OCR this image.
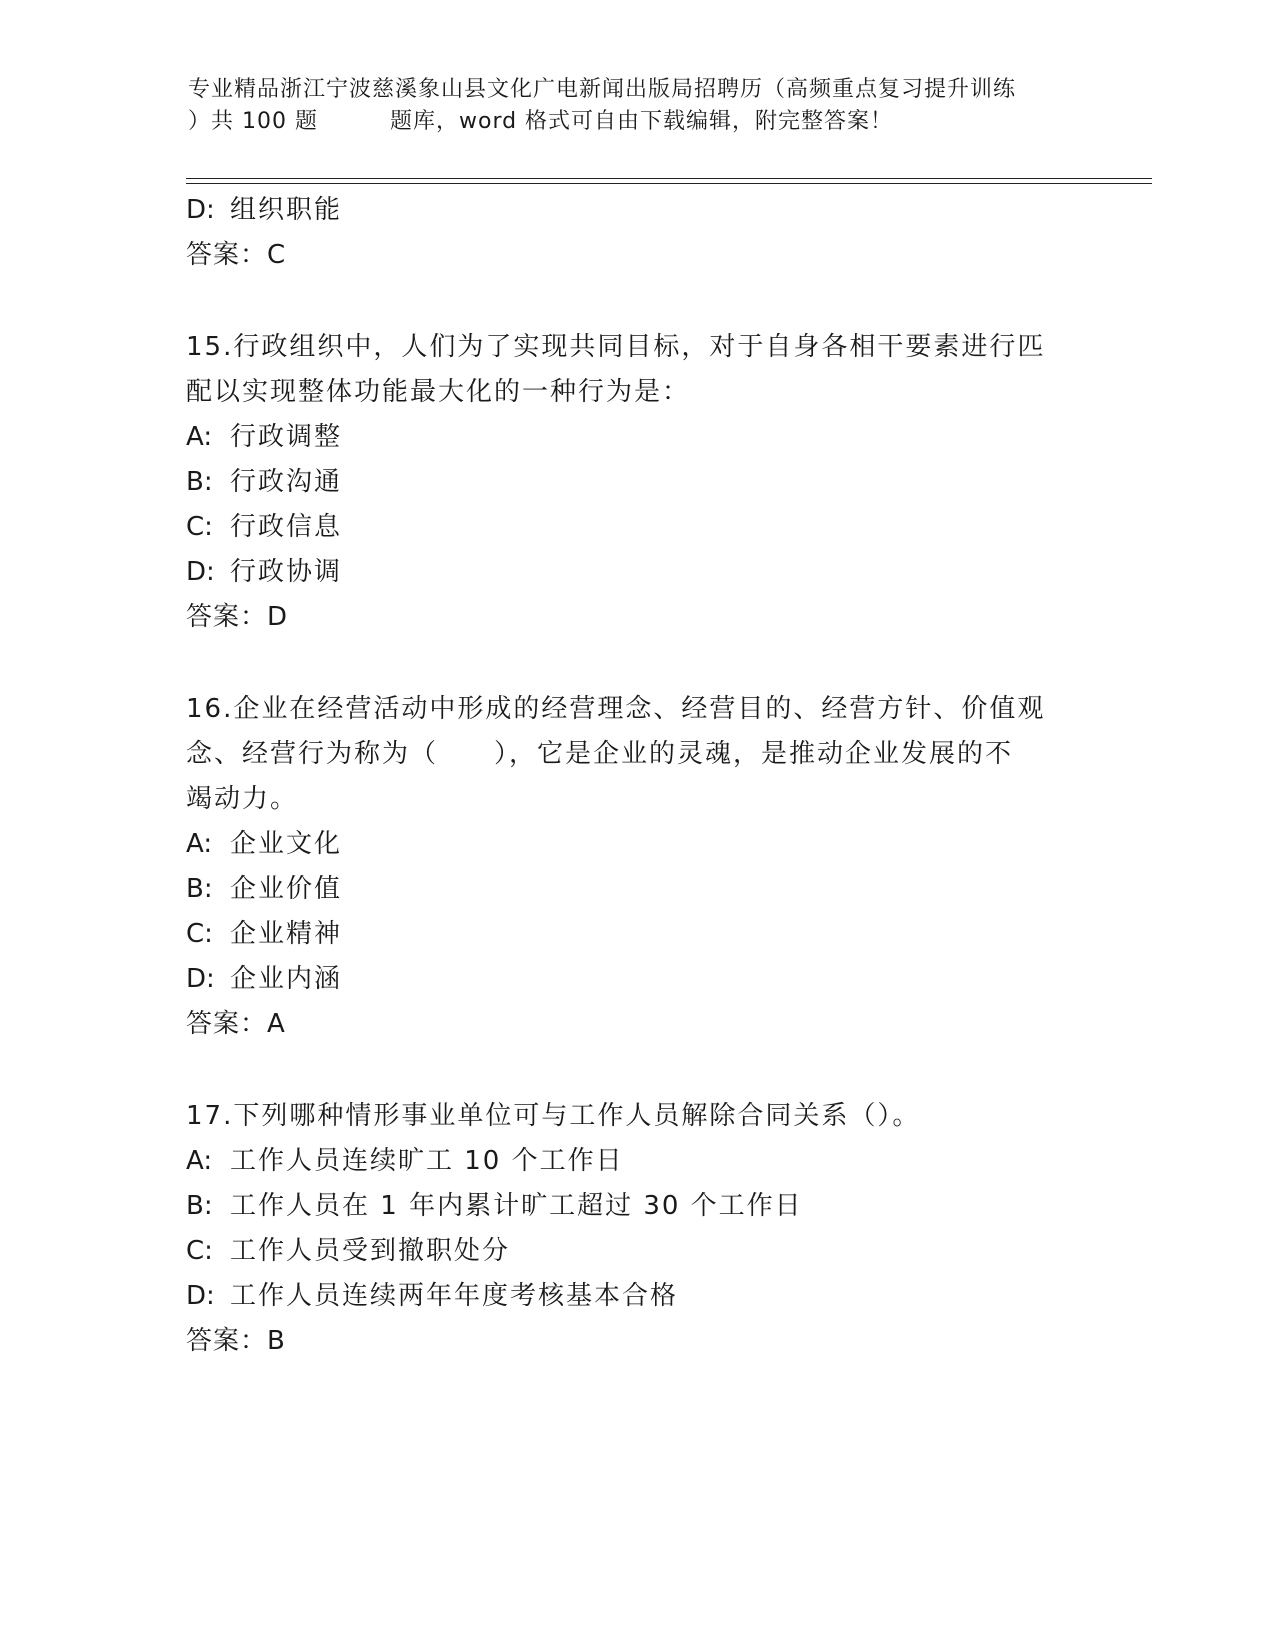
专业精品浙江宁波慈溪象山县文化广电新闻出版局招聘历（高频重点复习提升训练
）共 100 题	题库，word 格式可自由下载编辑，附完整答案！
D: 组织职能
答案：C
15.行政组织中，人们为了实现共同目标，对于自身各相干要素进行匹
配以实现整体功能最大化的一种行为是：
A: 行政调整
B: 行政沟通
C: 行政信息
D: 行政协调
答案：D
16.企业在经营活动中形成的经营理念、经营目的、经营方针、价值观
念、经营行为称为（　　），它是企业的灵魂，是推动企业发展的不
竭动力。
A: 企业文化
B: 企业价值
C: 企业精神
D: 企业内涵
答案：A
17.下列哪种情形事业单位可与工作人员解除合同关系（）。
A: 工作人员连续旷工 10 个工作日
B: 工作人员在 1 年内累计旷工超过 30 个工作日
C: 工作人员受到撤职处分
D: 工作人员连续两年年度考核基本合格
答案：B
